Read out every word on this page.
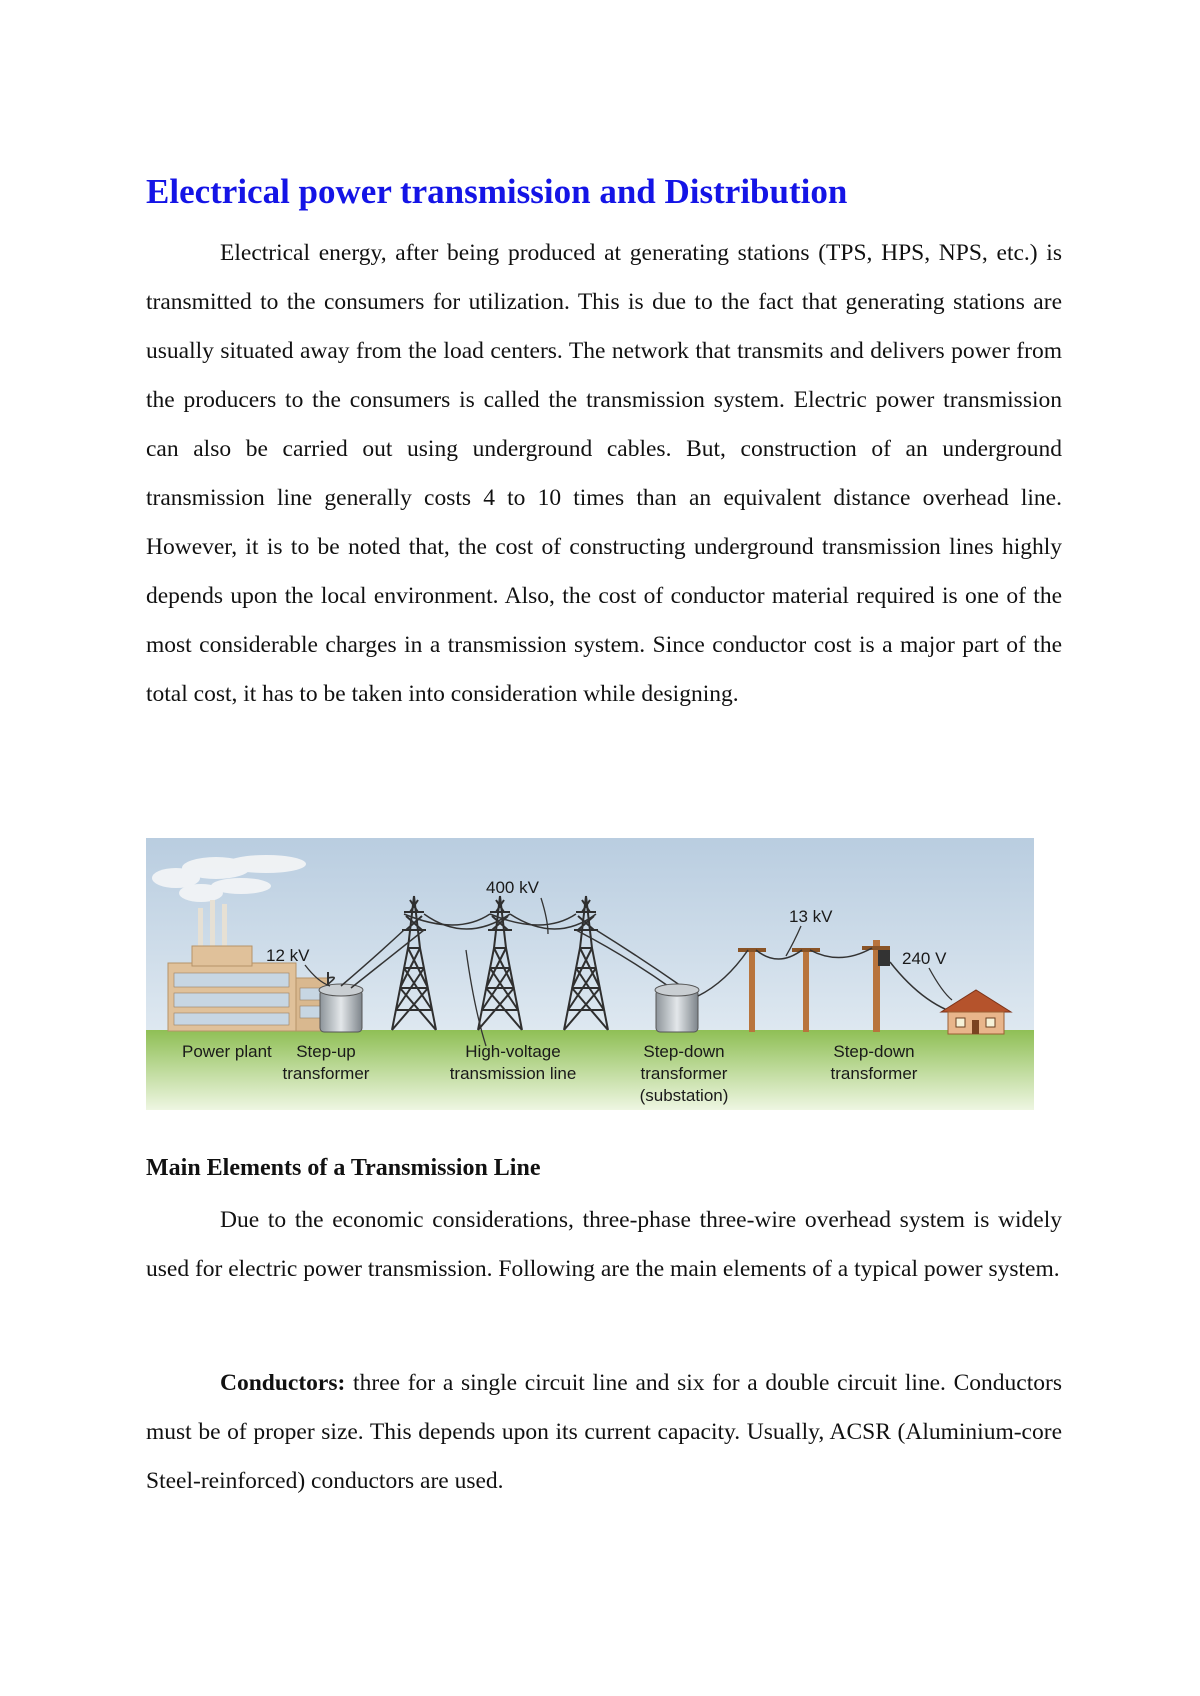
Electrical power transmission and Distribution

Electrical energy, after being produced at generating stations (TPS, HPS, NPS, etc.) is transmitted to the consumers for utilization. This is due to the fact that generating stations are usually situated away from the load centers. The network that transmits and delivers power from the producers to the consumers is called the transmission system. Electric power transmission can also be carried out using underground cables. But, construction of an underground transmission line generally costs 4 to 10 times than an equivalent distance overhead line. However, it is to be noted that, the cost of constructing underground transmission lines highly depends upon the local environment. Also, the cost of conductor material required is one of the most considerable charges in a transmission system. Since conductor cost is a major part of the total cost, it has to be taken into consideration while designing.

12 kV
400 kV
13 kV
240 V
Power plant Step-up
transformer
High-voltage
transmission line
Step-down
transformer
(substation)
Step-down
transformer
Main Elements of a Transmission Line

Due to the economic considerations, three-phase three-wire overhead system is widely used for electric power transmission. Following are the main elements of a typical power system.

Conductors: three for a single circuit line and six for a double circuit line. Conductors must be of proper size. This depends upon its current capacity. Usually, ACSR (Aluminium-core Steel-reinforced) conductors are used.
